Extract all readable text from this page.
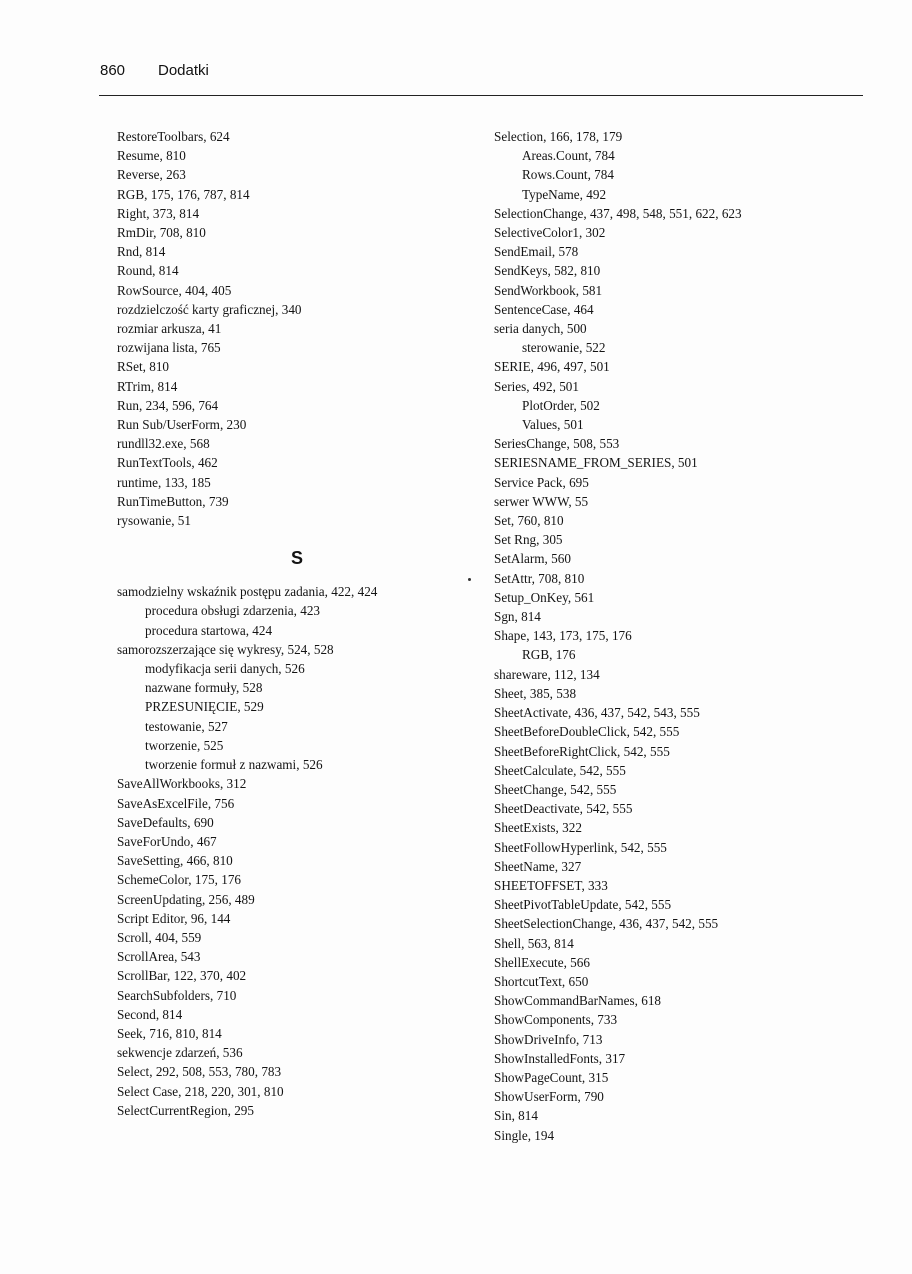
860 Dodatki
RestoreToolbars, 624
Resume, 810
Reverse, 263
RGB, 175, 176, 787, 814
Right, 373, 814
RmDir, 708, 810
Rnd, 814
Round, 814
RowSource, 404, 405
rozdzielczość karty graficznej, 340
rozmiar arkusza, 41
rozwijana lista, 765
RSet, 810
RTrim, 814
Run, 234, 596, 764
Run Sub/UserForm, 230
rundll32.exe, 568
RunTextTools, 462
runtime, 133, 185
RunTimeButton, 739
rysowanie, 51
S
samodzielny wskaźnik postępu zadania, 422, 424
procedura obsługi zdarzenia, 423
procedura startowa, 424
samorozszerzające się wykresy, 524, 528
modyfikacja serii danych, 526
nazwane formuły, 528
PRZESUNIĘCIE, 529
testowanie, 527
tworzenie, 525
tworzenie formuł z nazwami, 526
SaveAllWorkbooks, 312
SaveAsExcelFile, 756
SaveDefaults, 690
SaveForUndo, 467
SaveSetting, 466, 810
SchemeColor, 175, 176
ScreenUpdating, 256, 489
Script Editor, 96, 144
Scroll, 404, 559
ScrollArea, 543
ScrollBar, 122, 370, 402
SearchSubfolders, 710
Second, 814
Seek, 716, 810, 814
sekwencje zdarzeń, 536
Select, 292, 508, 553, 780, 783
Select Case, 218, 220, 301, 810
SelectCurrentRegion, 295
Selection, 166, 178, 179
Areas.Count, 784
Rows.Count, 784
TypeName, 492
SelectionChange, 437, 498, 548, 551, 622, 623
SelectiveColor1, 302
SendEmail, 578
SendKeys, 582, 810
SendWorkbook, 581
SentenceCase, 464
seria danych, 500
sterowanie, 522
SERIE, 496, 497, 501
Series, 492, 501
PlotOrder, 502
Values, 501
SeriesChange, 508, 553
SERIESNAME_FROM_SERIES, 501
Service Pack, 695
serwer WWW, 55
Set, 760, 810
Set Rng, 305
SetAlarm, 560
SetAttr, 708, 810
Setup_OnKey, 561
Sgn, 814
Shape, 143, 173, 175, 176
RGB, 176
shareware, 112, 134
Sheet, 385, 538
SheetActivate, 436, 437, 542, 543, 555
SheetBeforeDoubleClick, 542, 555
SheetBeforeRightClick, 542, 555
SheetCalculate, 542, 555
SheetChange, 542, 555
SheetDeactivate, 542, 555
SheetExists, 322
SheetFollowHyperlink, 542, 555
SheetName, 327
SHEETOFFSET, 333
SheetPivotTableUpdate, 542, 555
SheetSelectionChange, 436, 437, 542, 555
Shell, 563, 814
ShellExecute, 566
ShortcutText, 650
ShowCommandBarNames, 618
ShowComponents, 733
ShowDriveInfo, 713
ShowInstalledFonts, 317
ShowPageCount, 315
ShowUserForm, 790
Sin, 814
Single, 194
